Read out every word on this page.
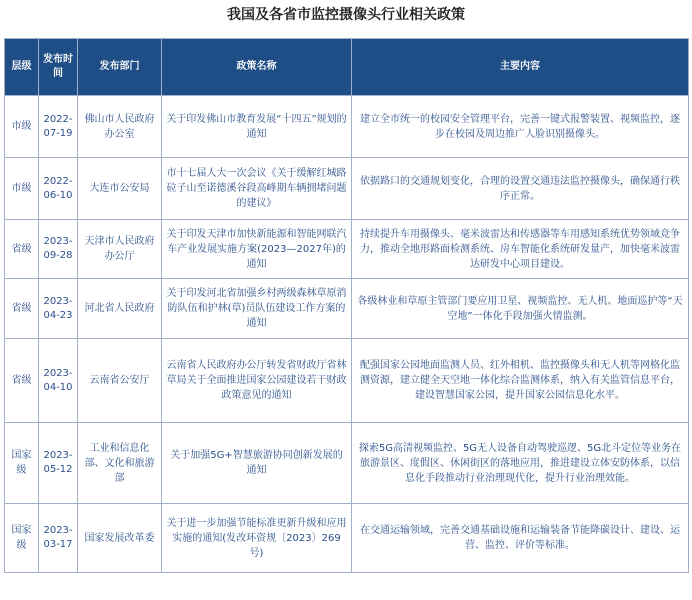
我国及各省市监控摄像头行业相关政策
层级	发布时间	发布部门	政策名称	主要内容
市级	2022-07-19	佛山市人民政府办公室	关于印发佛山市教育发展“十四五”规划的通知	建立全市统一的校园安全管理平台，完善一键式报警装置、视频监控，逐步在校园及周边推广人脸识别摄像头。
市级	2022-06-10	大连市公安局	市十七届人大一次会议《关于缓解红城路砬子山至诺德溪谷段高峰期车辆拥堵问题的建议》	依据路口的交通规划变化，合理的设置交通违法监控摄像头，确保通行秩序正常。
省级	2023-09-28	天津市人民政府办公厅	关于印发天津市加快新能源和智能网联汽车产业发展实施方案(2023—2027年)的通知	持续提升车用摄像头、毫米波雷达和传感器等车用感知系统优势领域竞争力，推动全地形路面检测系统、房车智能化系统研发量产，加快毫米波雷达研发中心项目建设。
省级	2023-04-23	河北省人民政府	关于印发河北省加强乡村两级森林草原消防队伍和护林(草)员队伍建设工作方案的通知	各级林业和草原主管部门要应用卫星、视频监控、无人机、地面巡护等“天空地”一体化手段加强火情监测。
省级	2023-04-10	云南省公安厅	云南省人民政府办公厅转发省财政厅省林草局关于全面推进国家公园建设若干财政政策意见的通知	配强国家公园地面监测人员、红外相机、监控摄像头和无人机等网格化监测资源，建立健全天空地一体化综合监测体系，纳入有关监管信息平台，建设智慧国家公园，提升国家公园信息化水平。
国家级	2023-05-12	工业和信息化部、文化和旅游部	关于加强5G+智慧旅游协同创新发展的通知	探索5G高清视频监控、5G无人设备自动驾驶巡逻、5G北斗定位等业务在旅游景区、度假区、休闲街区的落地应用，推进建设立体安防体系，以信息化手段推动行业治理现代化，提升行业治理效能。
国家级	2023-03-17	国家发展改革委	关于进一步加强节能标准更新升级和应用实施的通知(发改环资规〔2023〕269号)	在交通运输领域，完善交通基础设施和运输装备节能降碳设计、建设、运营、监控、评价等标准。
